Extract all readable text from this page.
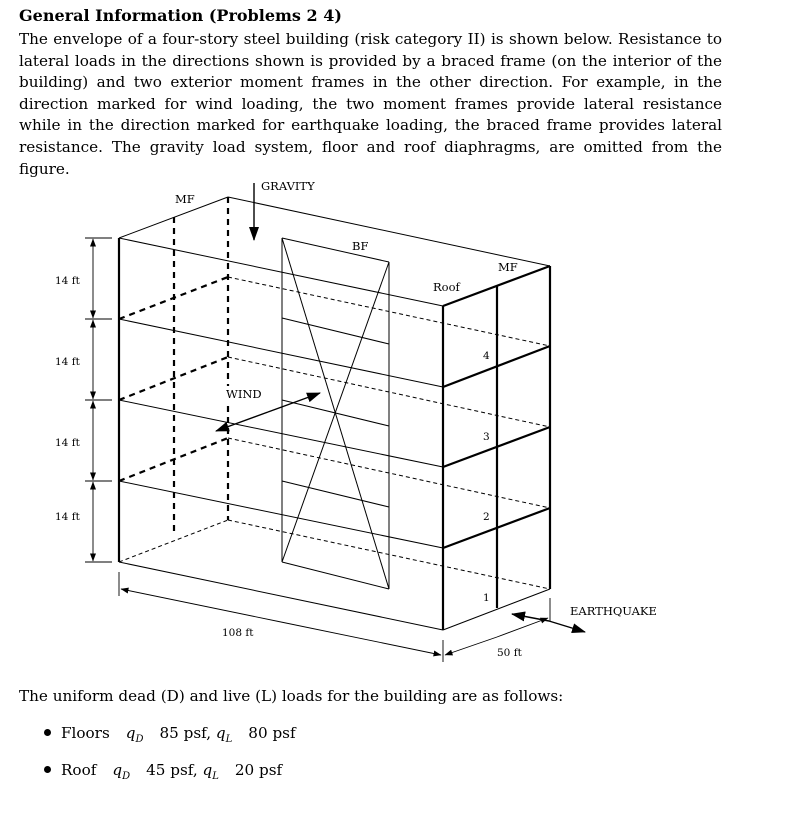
General Information (Problems 2 4)
The envelope of a four-story steel building (risk category II) is shown below. Resistance to lateral loads in the directions shown is provided by a braced frame (on the interior of the building) and two exterior moment frames in the other direction. For example, in the direction marked for wind loading, the two moment frames provide lateral resistance while in the direction marked for earthquake loading, the braced frame provides lateral resistance. The gravity load system, floor and roof diaphragms, are omitted from the figure.
14 ft
14 ft
14 ft
14 ft
GRAVITY
MF
BF
MF
Roof
WIND
EARTHQUAKE
108 ft
50 ft
4
3
2
1
The uniform dead (D) and live (L) loads for the building are as follows:
Floors $q_D$ 85 psf, $q_L$ 80 psf
Roof $q_D$ 45 psf, $q_L$ 20 psf
